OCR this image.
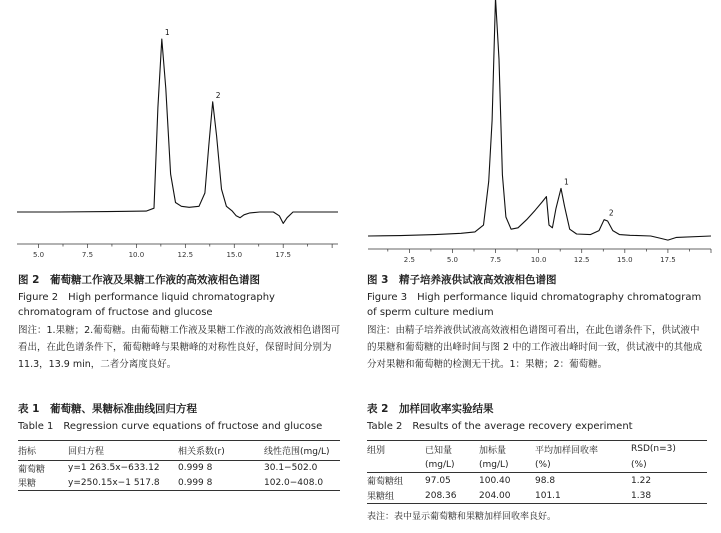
5.0	7.5	10.0	12.5	15.0	17.5
1
2
2.5	5.0	7.5	10.0	12.5	15.0	17.5
1
2
图 2　葡萄糖工作液及果糖工作液的高效液相色谱图
Figure 2　High performance liquid chromatography chromatogram of fructose and glucose
图注：1.果糖；2.葡萄糖。由葡萄糖工作液及果糖工作液的高效液相色谱图可看出，在此色谱条件下，葡萄糖峰与果糖峰的对称性良好，保留时间分别为 11.3，13.9 min，二者分离度良好。
图 3　精子培养液供试液高效液相色谱图
Figure 3　High performance liquid chromatography chromatogram of sperm culture medium
图注：由精子培养液供试液高效液相色谱图可看出，在此色谱条件下，供试液中的果糖和葡萄糖的出峰时间与图 2 中的工作液出峰时间一致，供试液中的其他成分对果糖和葡萄糖的检测无干扰。1：果糖；2：葡萄糖。
表 1　葡萄糖、果糖标准曲线回归方程
Table 1　Regression curve equations of fructose and glucose
指标	回归方程	相关系数(r)	线性范围(mg/L)
葡萄糖	y=1 263.5x−633.12	0.999 8	30.1−502.0
果糖	y=250.15x−1 517.8	0.999 8	102.0−408.0
表 2　加样回收率实验结果
Table 2　Results of the average recovery experiment
组别	已知量	加标量	平均加样回收率	RSD(n=3)
	(mg/L)	(mg/L)	(%)	(%)
葡萄糖组	97.05	100.40	98.8	1.22
果糖组	208.36	204.00	101.1	1.38
表注：表中显示葡萄糖和果糖加样回收率良好。
